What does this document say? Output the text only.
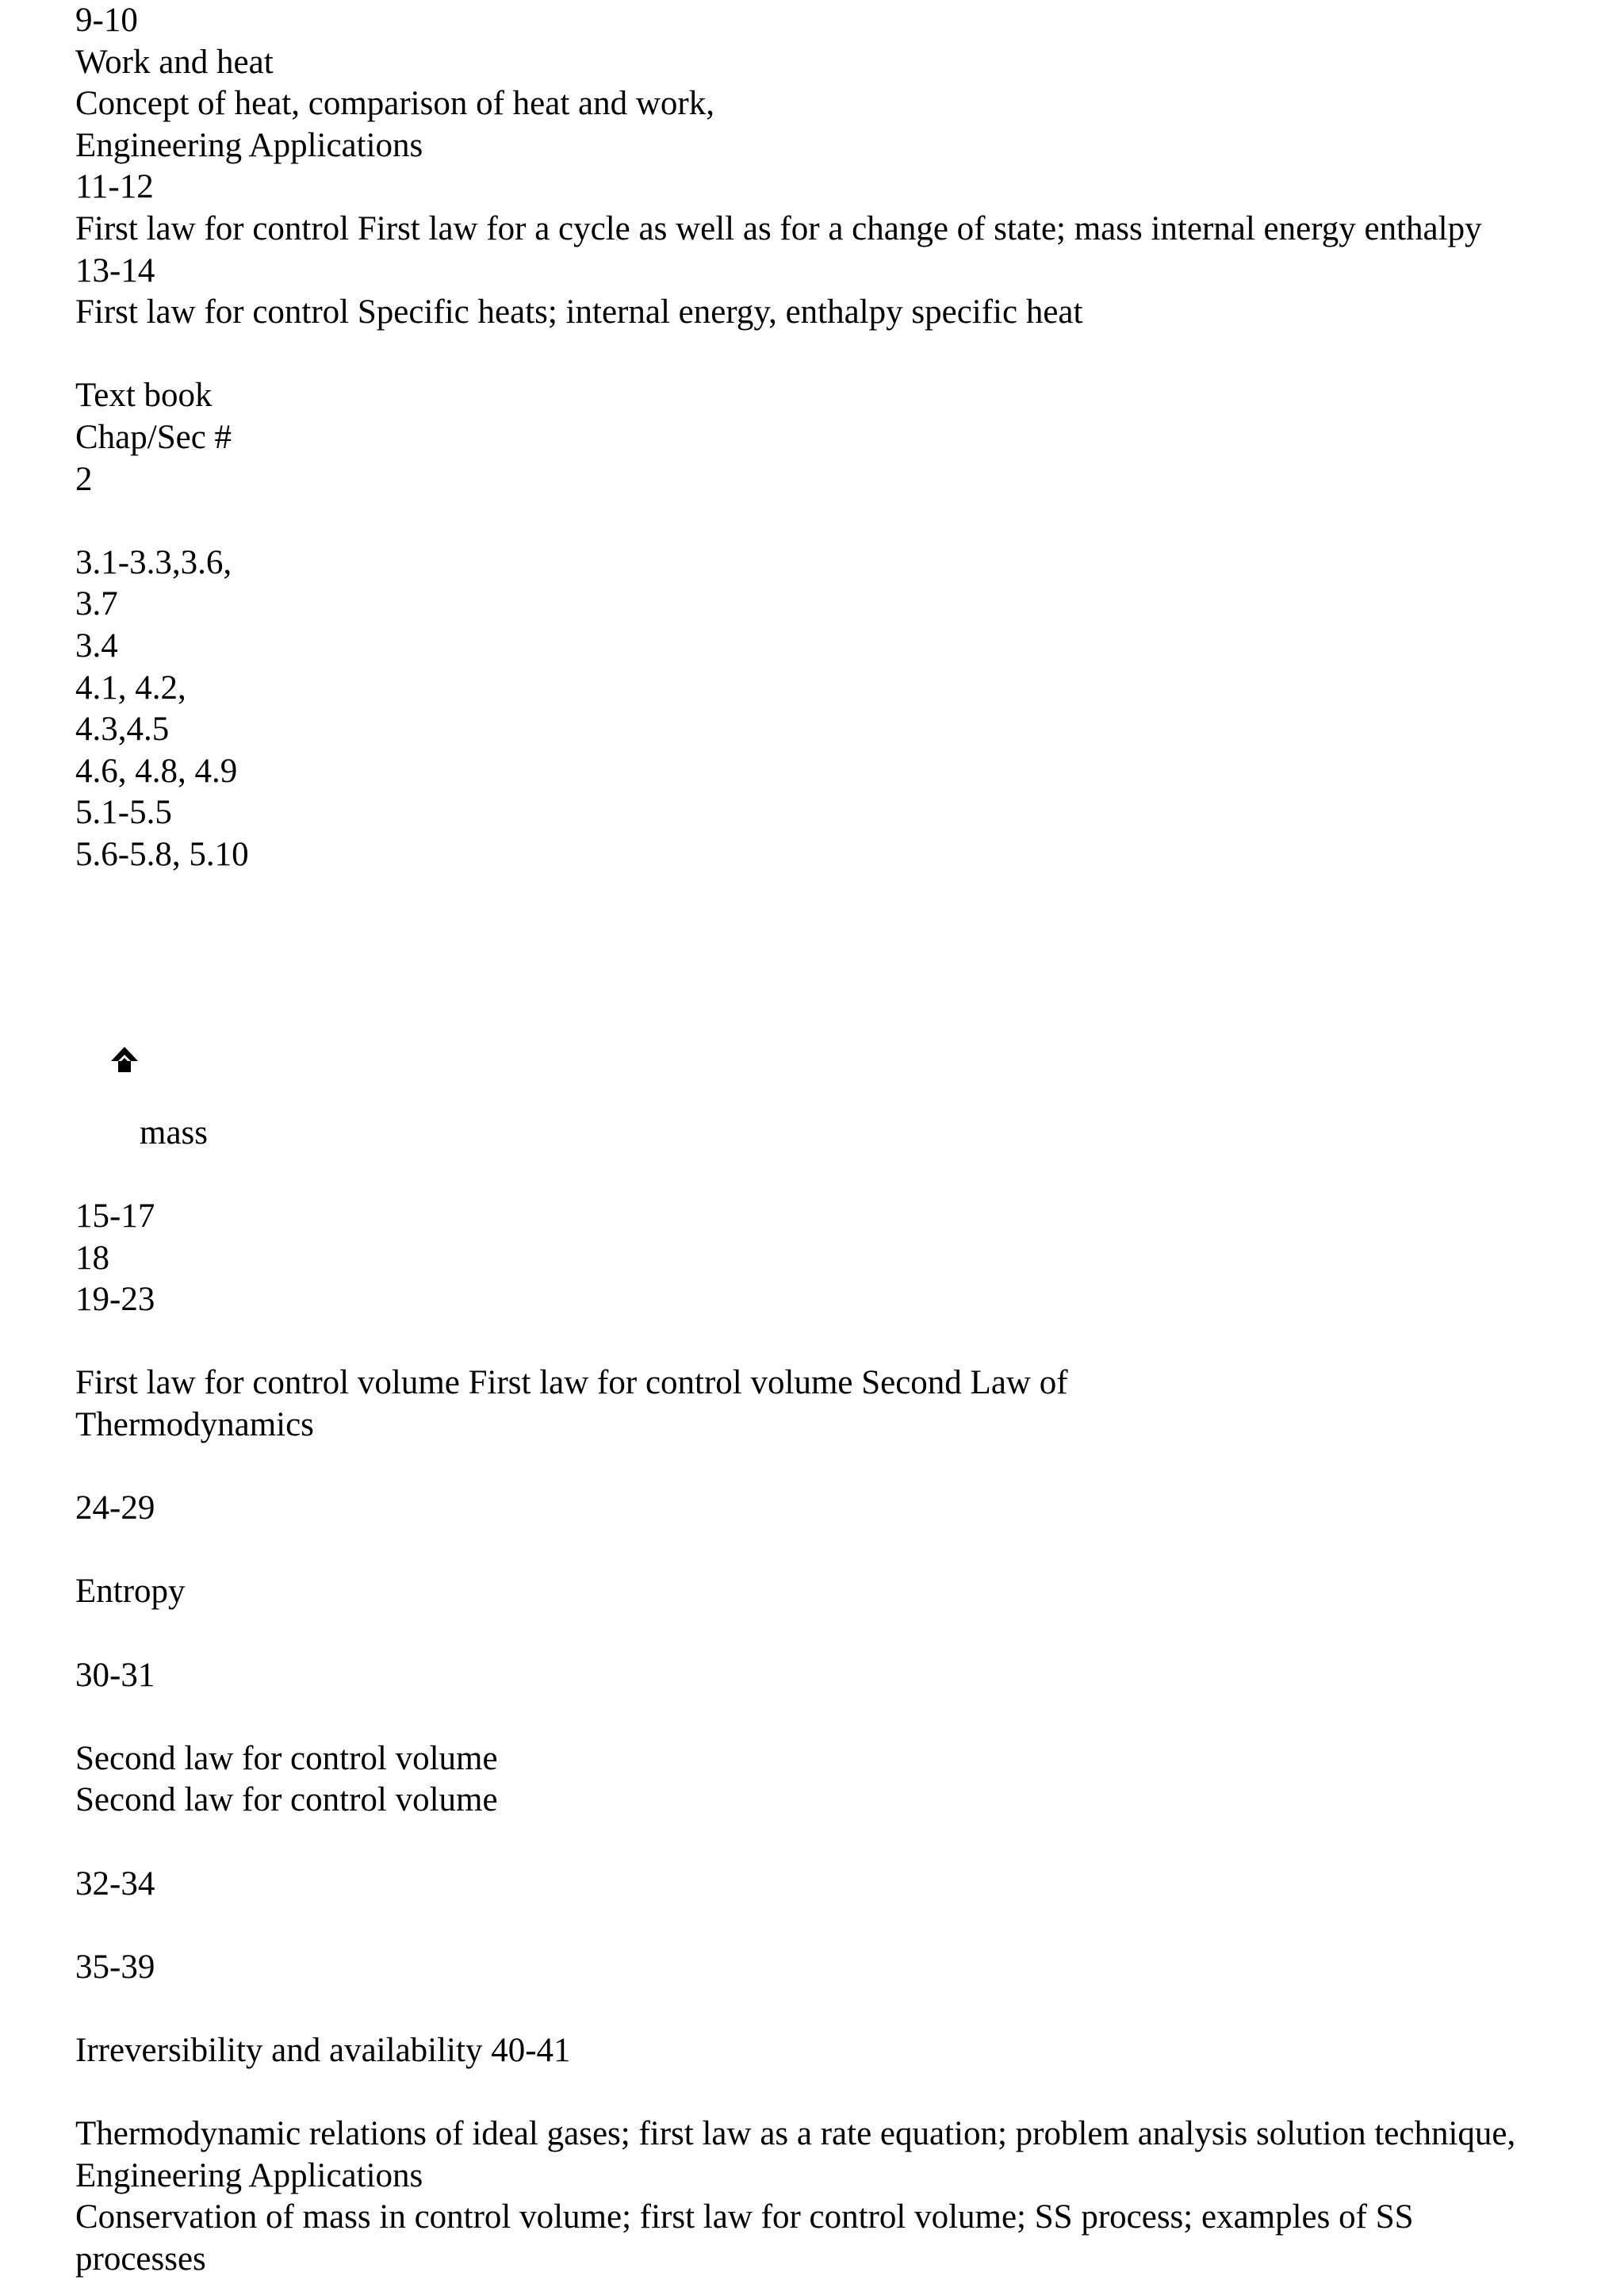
9-10
Work and heat
Concept of heat, comparison of heat and work,
Engineering Applications
11-12
First law for control First law for a cycle as well as for a change of state; mass internal energy enthalpy
13-14
First law for control Specific heats; internal energy, enthalpy specific heat
Text book
Chap/Sec #
2
3.1-3.3,3.6,
3.7
3.4
4.1, 4.2,
4.3,4.5
4.6, 4.8, 4.9
5.1-5.5
5.6-5.8, 5.10

mass

15-17
18
19-23
First law for control volume First law for control volume Second Law of Thermodynamics
24-29
Entropy
30-31
Second law for control volume
Second law for control volume
32-34
35-39
Irreversibility and availability 40-41
Thermodynamic relations of ideal gases; first law as a rate equation; problem analysis solution technique, Engineering Applications
Conservation of mass in control volume; first law for control volume; SS process; examples of SS processes
